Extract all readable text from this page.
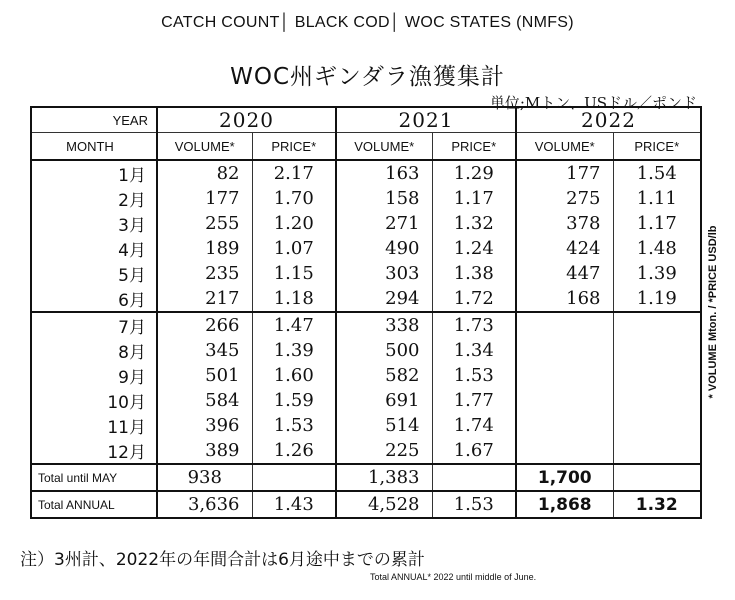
CATCH COUNT│ BLACK COD│ WOC STATES (NMFS)
WOC州ギンダラ漁獲集計
単位;Mトン、USドル／ポンド
* VOLUME Mton. / *PRICE USD/lb
YEAR	2020		2021		2022	
MONTH	VOLUME*	PRICE*	VOLUME*	PRICE*	VOLUME*	PRICE*
1月	82	2.17	163	1.29	177	1.54
2月	177	1.70	158	1.17	275	1.11
3月	255	1.20	271	1.32	378	1.17
4月	189	1.07	490	1.24	424	1.48
5月	235	1.15	303	1.38	447	1.39
6月	217	1.18	294	1.72	168	1.19
7月	266	1.47	338	1.73		
8月	345	1.39	500	1.34		
9月	501	1.60	582	1.53		
10月	584	1.59	691	1.77		
11月	396	1.53	514	1.74		
12月	389	1.26	225	1.67		
Total until MAY	938		1,383		1,700	
Total ANNUAL	3,636	1.43	4,528	1.53	1,868	1.32
注）3州計、2022年の年間合計は6月途中までの累計
Total ANNUAL* 2022 until middle of June.
